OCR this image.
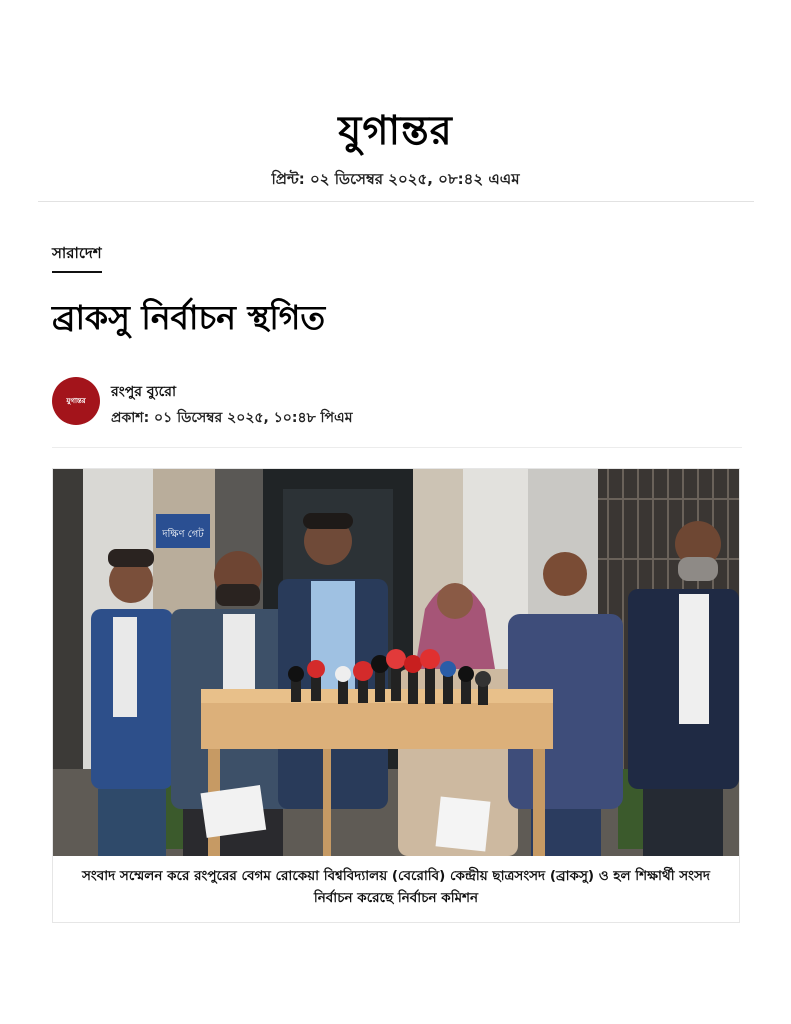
যুগান্তর
প্রিন্ট: ০২ ডিসেম্বর ২০২৫, ০৮:৪২ এএম
সারাদেশ
ব্রাকসু নির্বাচন স্থগিত
যুগান্তর
রংপুর ব্যুরো
প্রকাশ: ০১ ডিসেম্বর ২০২৫, ১০:৪৮ পিএম
দক্ষিণ গেট
সংবাদ সম্মেলন করে রংপুরের বেগম রোকেয়া বিশ্ববিদ্যালয় (বেরোবি) কেন্দ্রীয় ছাত্রসংসদ (ব্রাকসু) ও হল শিক্ষার্থী সংসদ নির্বাচন করেছে নির্বাচন কমিশন
